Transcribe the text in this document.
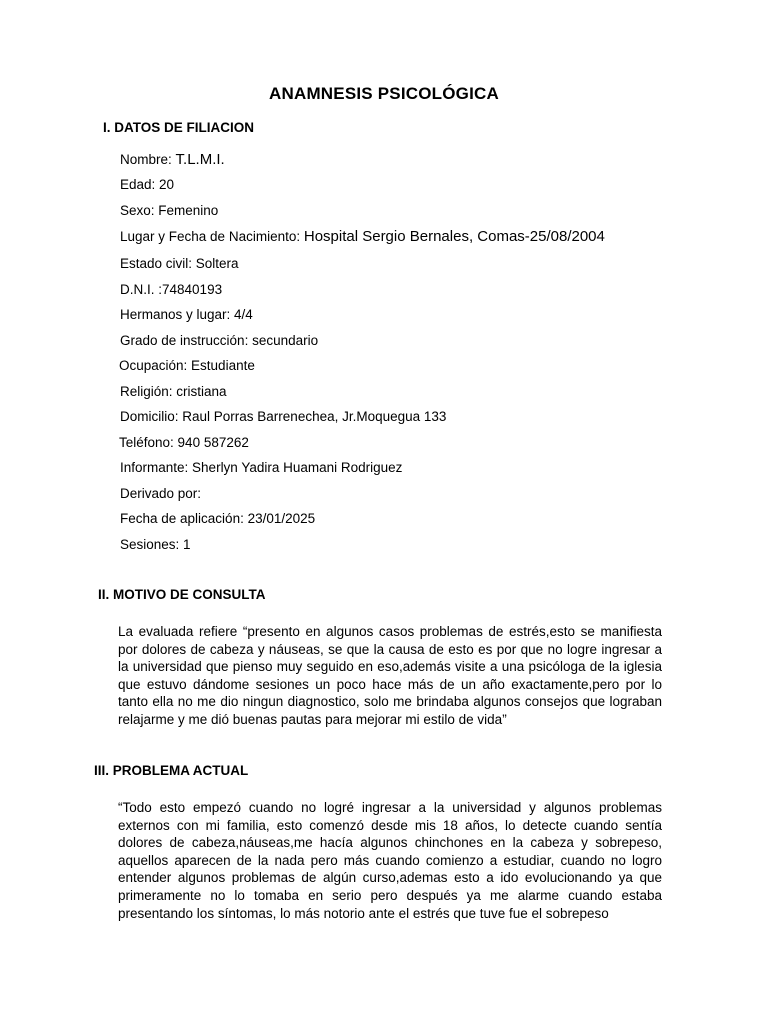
ANAMNESIS PSICOLÓGICA
I. DATOS DE FILIACION
Nombre: T.L.M.I.
Edad: 20
Sexo: Femenino
Lugar y Fecha de Nacimiento: Hospital Sergio Bernales, Comas-25/08/2004
Estado civil: Soltera
D.N.I. :74840193
Hermanos y lugar: 4/4
Grado de instrucción: secundario
Ocupación: Estudiante
Religión: cristiana
Domicilio: Raul Porras Barrenechea, Jr.Moquegua 133
Teléfono: 940 587262
Informante: Sherlyn Yadira Huamani Rodriguez
Derivado por:
Fecha de aplicación: 23/01/2025
Sesiones: 1
II. MOTIVO DE CONSULTA

La evaluada refiere “presento en algunos casos problemas de estrés,esto se manifiesta por dolores de cabeza y náuseas, se que la causa de esto es por que no logre ingresar a la universidad que pienso muy seguido en eso,además visite a una psicóloga de la iglesia que estuvo dándome sesiones un poco hace más de un año exactamente,pero por lo tanto ella no me dio ningun diagnostico, solo me brindaba algunos consejos que lograban relajarme y me dió buenas pautas para mejorar mi estilo de vida”

III. PROBLEMA ACTUAL

“Todo esto empezó cuando no logré ingresar a la universidad y algunos problemas externos con mi familia, esto comenzó desde mis 18 años, lo detecte cuando sentía dolores de cabeza,náuseas,me hacía algunos chinchones en la cabeza y sobrepeso, aquellos aparecen de la nada pero más cuando comienzo a estudiar, cuando no logro entender algunos problemas de algún curso,ademas esto a ido evolucionando ya que primeramente no lo tomaba en serio pero después ya me alarme cuando estaba presentando los síntomas, lo más notorio ante el estrés que tuve fue el sobrepeso
